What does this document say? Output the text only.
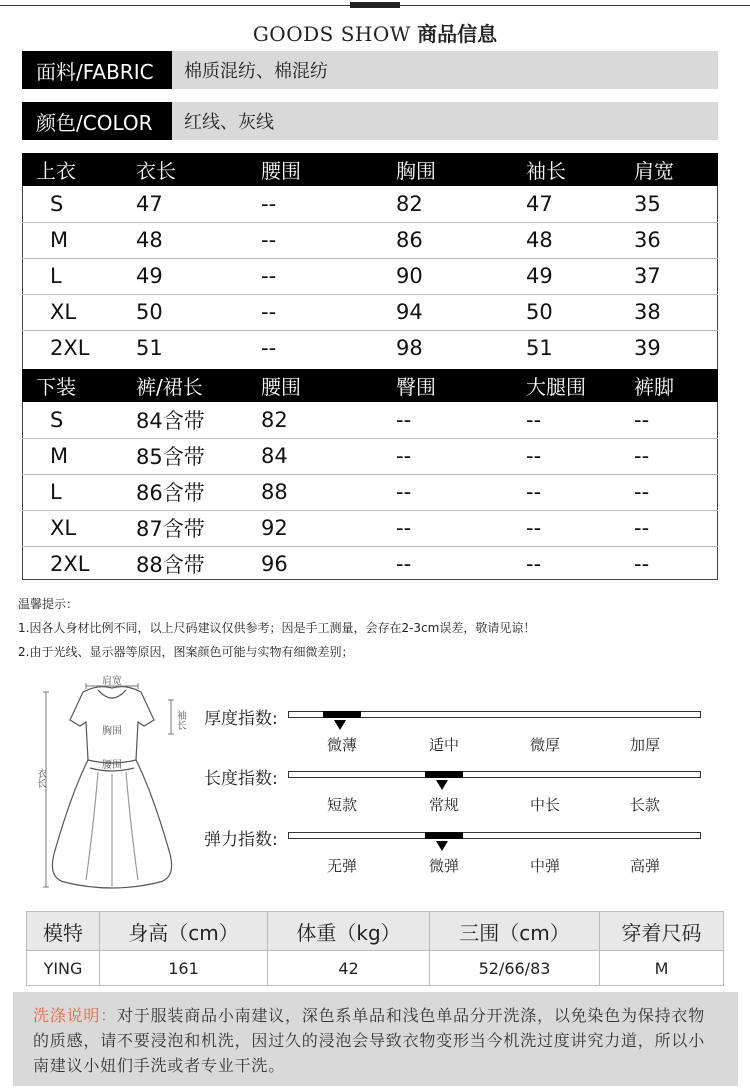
GOODS SHOW 商品信息
面料/FABRIC	棉质混纺、棉混纺
颜色/COLOR	红线、灰线
上衣	衣长	腰围	胸围	袖长	肩宽
S	47	--	82	47	35
M	48	--	86	48	36
L	49	--	90	49	37
XL	50	--	94	50	38
2XL	51	--	98	51	39
下装	裤/裙长	腰围	臀围	大腿围	裤脚
S	84含带	82	--	--	--
M	85含带	84	--	--	--
L	86含带	88	--	--	--
XL	87含带	92	--	--	--
2XL	88含带	96	--	--	--
温馨提示：
1.因各人身材比例不同，以上尺码建议仅供参考；因是手工测量，会存在2-3cm误差，敬请见谅！
2.由于光线、显示器等原因，图案颜色可能与实物有细微差别；
肩宽
胸围
腰围
袖长
衣长
厚度指数:
微薄	适中	微厚	加厚
长度指数:
短款	常规	中长	长款
弹力指数:
无弹	微弹	中弹	高弹
模特	身高（cm）	体重（kg）	三围（cm）	穿着尺码
YING	161	42	52/66/83	M
洗涤说明：对于服装商品小南建议，深色系单品和浅色单品分开洗涤，以免染色为保持衣物的质感，请不要浸泡和机洗，因过久的浸泡会导致衣物变形当今机洗过度讲究力道，所以小南建议小妞们手洗或者专业干洗。
